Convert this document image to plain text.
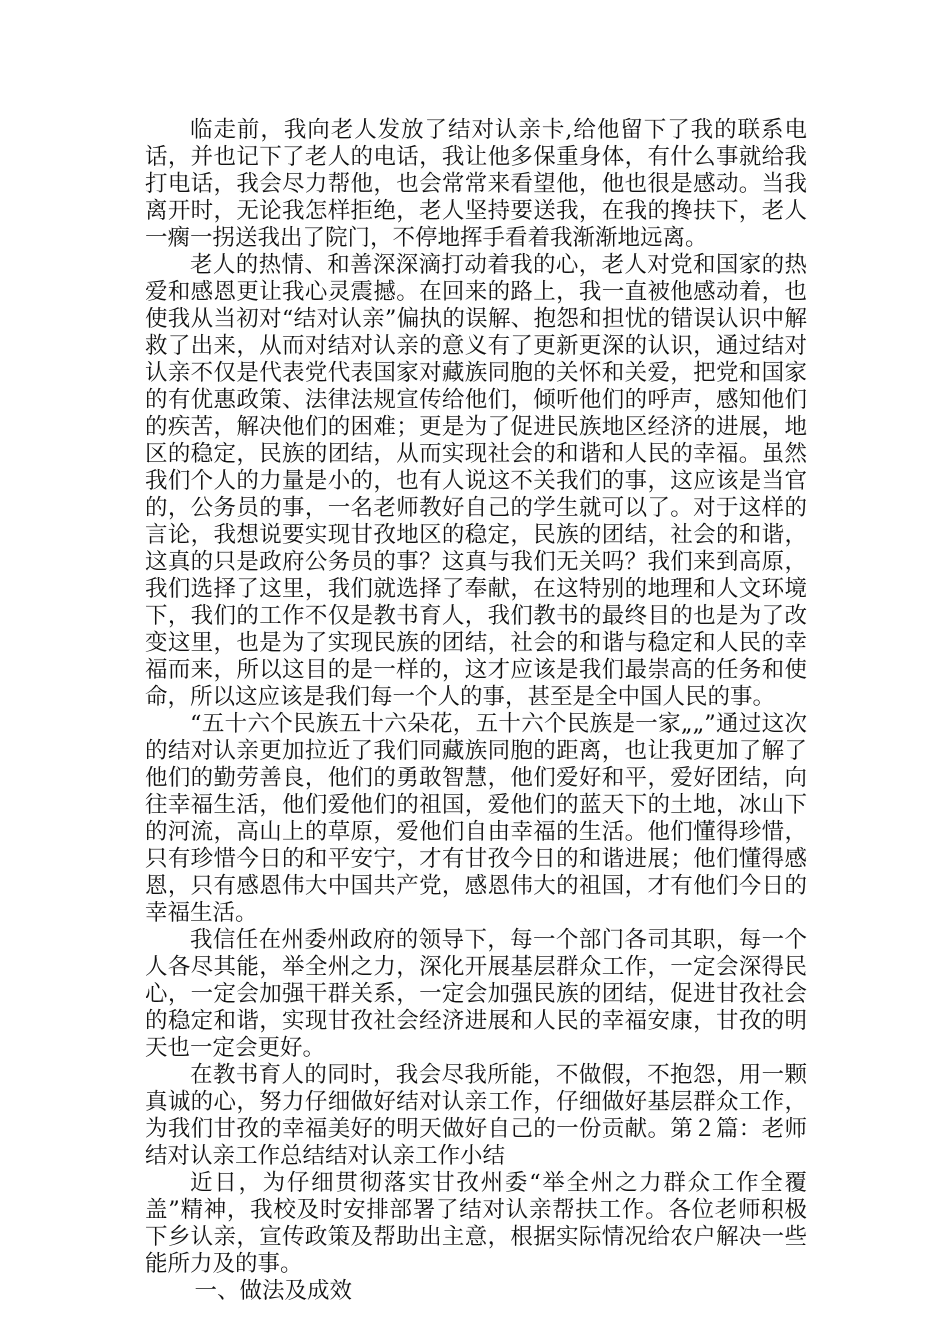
临走前，我向老人发放了结对认亲卡,给他留下了我的联系电话，并也记下了老人的电话，我让他多保重身体，有什么事就给我打电话，我会尽力帮他，也会常常来看望他，他也很是感动。当我离开时，无论我怎样拒绝，老人坚持要送我，在我的搀扶下，老人一瘸一拐送我出了院门，不停地挥手看着我渐渐地远离。

老人的热情、和善深深滴打动着我的心，老人对党和国家的热爱和感恩更让我心灵震撼。在回来的路上，我一直被他感动着，也使我从当初对“结对认亲”偏执的误解、抱怨和担忧的错误认识中解救了出来，从而对结对认亲的意义有了更新更深的认识，通过结对认亲不仅是代表党代表国家对藏族同胞的关怀和关爱，把党和国家的有优惠政策、法律法规宣传给他们，倾听他们的呼声，感知他们的疾苦，解决他们的困难；更是为了促进民族地区经济的进展，地区的稳定，民族的团结，从而实现社会的和谐和人民的幸福。虽然我们个人的力量是小的，也有人说这不关我们的事，这应该是当官的，公务员的事，一名老师教好自己的学生就可以了。对于这样的言论，我想说要实现甘孜地区的稳定，民族的团结，社会的和谐，这真的只是政府公务员的事？这真与我们无关吗？我们来到高原，我们选择了这里，我们就选择了奉献，在这特别的地理和人文环境下，我们的工作不仅是教书育人，我们教书的最终目的也是为了改变这里，也是为了实现民族的团结，社会的和谐与稳定和人民的幸福而来，所以这目的是一样的，这才应该是我们最崇高的任务和使命，所以这应该是我们每一个人的事，甚至是全中国人民的事。

“五十六个民族五十六朵花，五十六个民族是一家„„”通过这次的结对认亲更加拉近了我们同藏族同胞的距离，也让我更加了解了他们的勤劳善良，他们的勇敢智慧，他们爱好和平，爱好团结，向往幸福生活，他们爱他们的祖国，爱他们的蓝天下的土地，冰山下的河流，高山上的草原，爱他们自由幸福的生活。他们懂得珍惜，只有珍惜今日的和平安宁，才有甘孜今日的和谐进展；他们懂得感恩，只有感恩伟大中国共产党，感恩伟大的祖国，才有他们今日的幸福生活。

我信任在州委州政府的领导下，每一个部门各司其职，每一个人各尽其能，举全州之力，深化开展基层群众工作，一定会深得民心，一定会加强干群关系，一定会加强民族的团结，促进甘孜社会的稳定和谐，实现甘孜社会经济进展和人民的幸福安康，甘孜的明天也一定会更好。

在教书育人的同时，我会尽我所能，不做假，不抱怨，用一颗真诚的心，努力仔细做好结对认亲工作，仔细做好基层群众工作，为我们甘孜的幸福美好的明天做好自己的一份贡献。第２篇：老师结对认亲工作总结结对认亲工作小结

近日，为仔细贯彻落实甘孜州委“举全州之力群众工作全覆盖”精神，我校及时安排部署了结对认亲帮扶工作。各位老师积极下乡认亲，宣传政策及帮助出主意，根据实际情况给农户解决一些能所力及的事。

一、做法及成效
